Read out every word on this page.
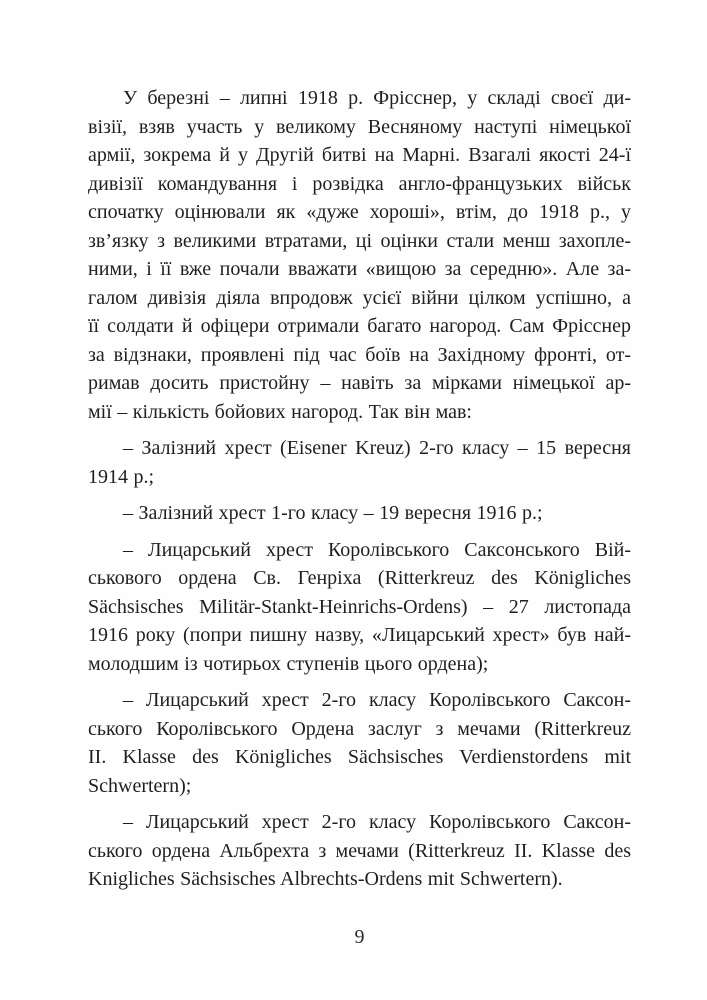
У березні – липні 1918 р. Фрісснер, у складі своєї ди-
візії, взяв участь у великому Весняному наступі німецької
армії, зокрема й у Другій битві на Марні. Взагалі якості 24-ї
дивізії командування і розвідка англо-французьких військ
спочатку оцінювали як «дуже хороші», втім, до 1918 р., у
зв’язку з великими втратами, ці оцінки стали менш захопле-
ними, і її вже почали вважати «вищою за середню». Але за-
галом дивізія діяла впродовж усієї війни цілком успішно, а
її солдати й офіцери отримали багато нагород. Сам Фрісснер
за відзнаки, проявлені під час боїв на Західному фронті, от-
римав досить пристойну – навіть за мірками німецької ар-
мії – кількість бойових нагород. Так він мав:
– Залізний хрест (Eisener Kreuz) 2-го класу – 15 вересня
1914 р.;
– Залізний хрест 1-го класу – 19 вересня 1916 р.;
– Лицарський хрест Королівського Саксонського Вій-
ськового ордена Св. Генріха (Ritterkreuz des Königliches
Sächsisches Militär-Stankt-Heinrichs-Ordens) – 27 листопада
1916 року (попри пишну назву, «Лицарський хрест» був най-
молодшим із чотирьох ступенів цього ордена);
– Лицарський хрест 2-го класу Королівського Саксон-
ського Королівського Ордена заслуг з мечами (Ritterkreuz
II. Klasse des Königliches Sächsisches Verdienstordens mit
Schwertern);
– Лицарський хрест 2-го класу Королівського Саксон-
ського ордена Альбрехта з мечами (Ritterkreuz II. Klasse des
Knigliches Sächsisches Albrechts-Ordens mit Schwertern).
9
